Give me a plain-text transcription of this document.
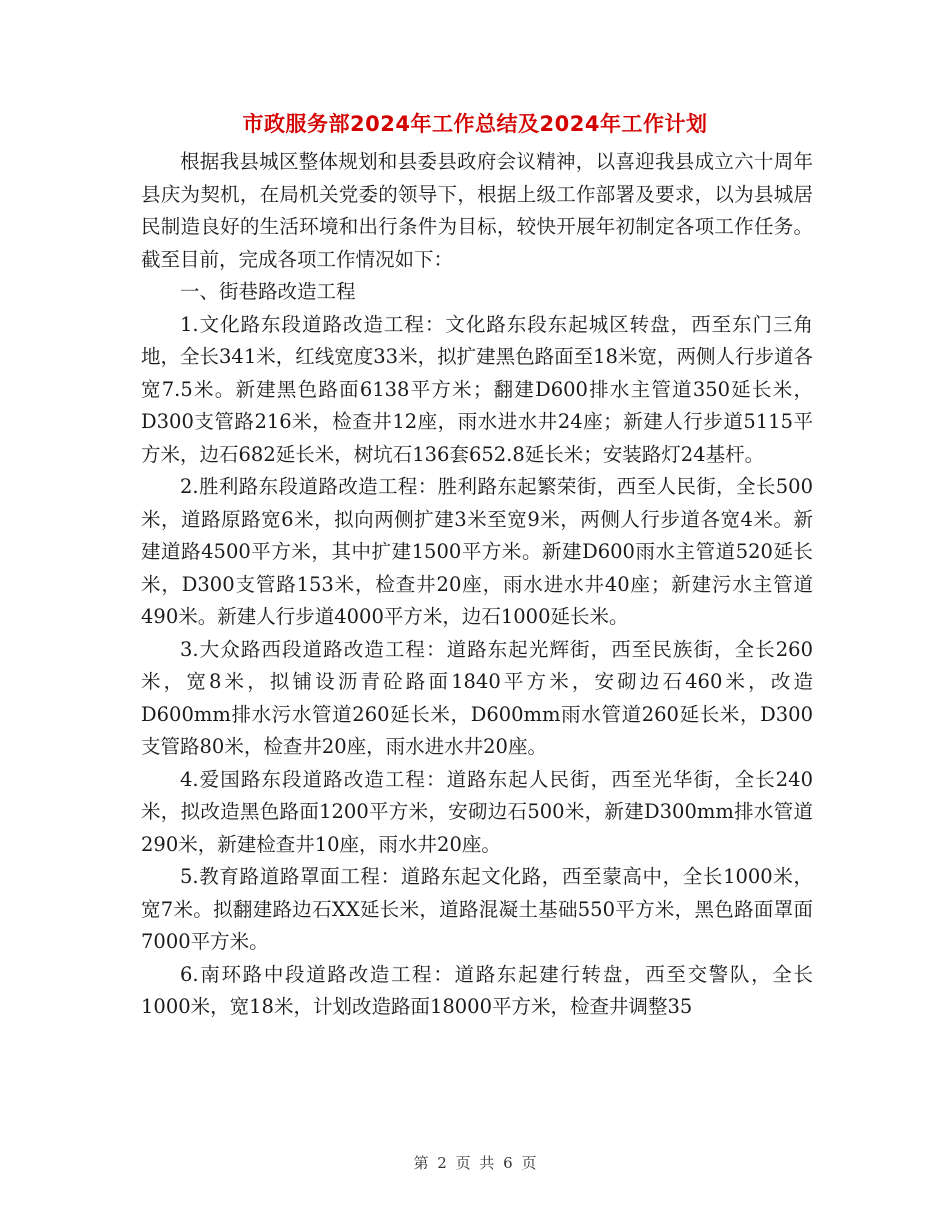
市政服务部2024年工作总结及2024年工作计划

根据我县城区整体规划和县委县政府会议精神，以喜迎我县成立六十周年县庆为契机，在局机关党委的领导下，根据上级工作部署及要求，以为县城居民制造良好的生活环境和出行条件为目标，较快开展年初制定各项工作任务。截至目前，完成各项工作情况如下：

一、街巷路改造工程

1.文化路东段道路改造工程：文化路东段东起城区转盘，西至东门三角地，全长341米，红线宽度33米，拟扩建黑色路面至18米宽，两侧人行步道各宽7.5米。新建黑色路面6138平方米；翻建D600排水主管道350延长米，D300支管路216米，检查井12座，雨水进水井24座；新建人行步道5115平方米，边石682延长米，树坑石136套652.8延长米；安装路灯24基杆。

2.胜利路东段道路改造工程：胜利路东起繁荣街，西至人民街，全长500米，道路原路宽6米，拟向两侧扩建3米至宽9米，两侧人行步道各宽4米。新建道路4500平方米，其中扩建1500平方米。新建D600雨水主管道520延长米，D300支管路153米，检查井20座，雨水进水井40座；新建污水主管道490米。新建人行步道4000平方米，边石1000延长米。

3.大众路西段道路改造工程：道路东起光辉街，西至民族街，全长260米，宽8米，拟铺设沥青砼路面1840平方米，安砌边石460米，改造D600mm排水污水管道260延长米，D600mm雨水管道260延长米，D300支管路80米，检查井20座，雨水进水井20座。

4.爱国路东段道路改造工程：道路东起人民街，西至光华街，全长240米，拟改造黑色路面1200平方米，安砌边石500米，新建D300mm排水管道290米，新建检查井10座，雨水井20座。

5.教育路道路罩面工程：道路东起文化路，西至蒙高中，全长1000米，宽7米。拟翻建路边石XX延长米，道路混凝土基础550平方米，黑色路面罩面7000平方米。

6.南环路中段道路改造工程：道路东起建行转盘，西至交警队，全长1000米，宽18米，计划改造路面18000平方米，检查井调整35

第 2 页 共 6 页
